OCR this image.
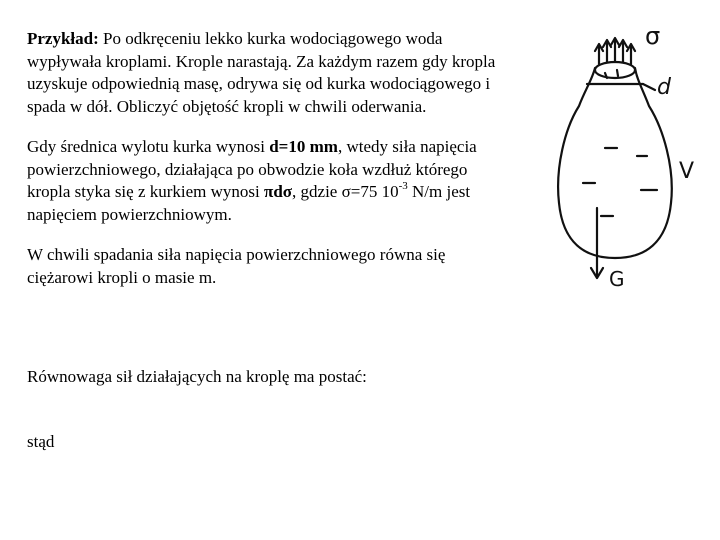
Przykład: Po odkręceniu lekko kurka wodociągowego woda
wypływała kroplami. Krople narastają. Za każdym razem gdy kropla
uzyskuje odpowiednią masę, odrywa się od kurka wodociągowego i
spada w dół. Obliczyć objętość kropli w chwili oderwania.
Gdy średnica wylotu kurka wynosi d=10 mm, wtedy siła napięcia
powierzchniowego, działająca po obwodzie koła wzdłuż którego
kropla styka się z kurkiem wynosi πdσ, gdzie σ=75 $10^{-3}$ N/m jest
napięciem powierzchniowym.
W chwili spadania siła napięcia powierzchniowego równa się
ciężarowi kropli o masie m.
Równowaga sił działających na kroplę ma postać:
stąd
σ
d
V
G
